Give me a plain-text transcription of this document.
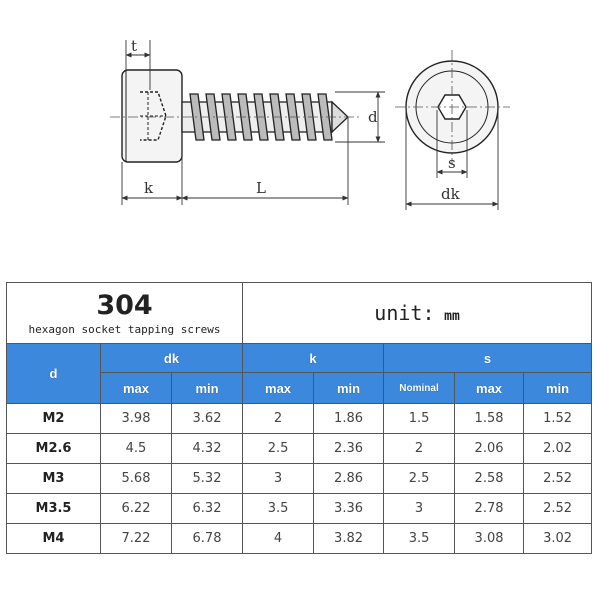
t
k	L
d
s
dk
304
hexagon socket tapping screws			unit: mm				
d	dk		k		s		
	max	min	max	min	Nominal	max	min
M2	3.98	3.62	2	1.86	1.5	1.58	1.52
M2.6	4.5	4.32	2.5	2.36	2	2.06	2.02
M3	5.68	5.32	3	2.86	2.5	2.58	2.52
M3.5	6.22	6.32	3.5	3.36	3	2.78	2.52
M4	7.22	6.78	4	3.82	3.5	3.08	3.02
